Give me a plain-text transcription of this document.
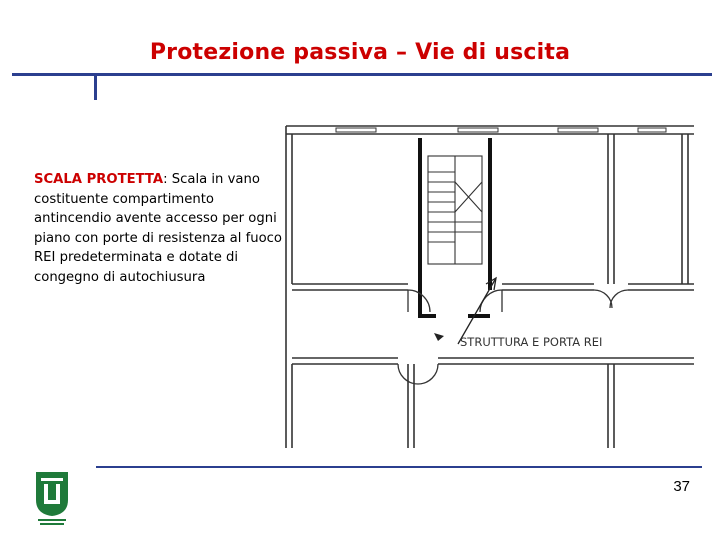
Protezione passiva – Vie di uscita
SCALA PROTETTA: Scala in vano costituente compartimento antincendio avente accesso per ogni piano con porte di resistenza al fuoco REI predeterminata e dotate di congegno di autochiusura
STRUTTURA E PORTA REI
37
